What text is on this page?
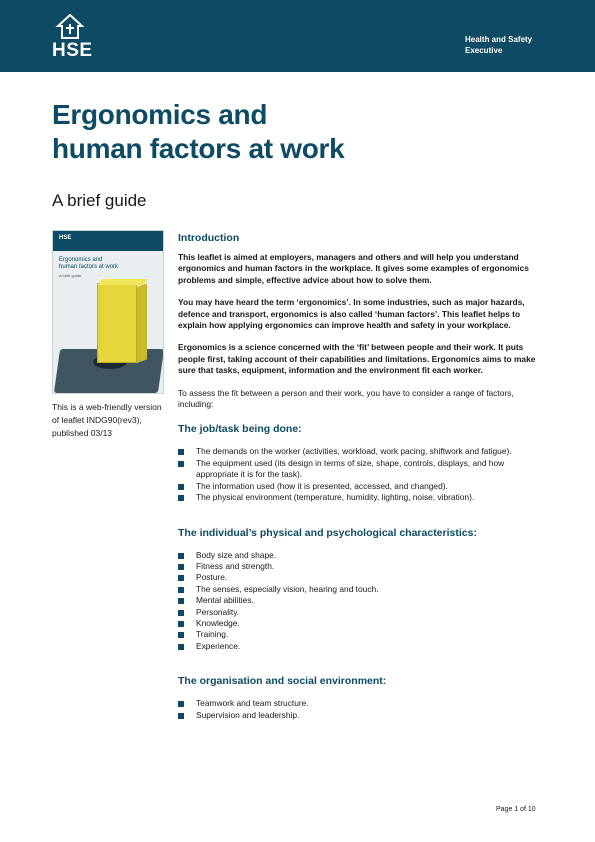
HSE
Health and Safety
Executive
Ergonomics and
human factors at work
A brief guide
HSE
Ergonomics and
human factors at work
A brief guide
This is a web-friendly version
of leaflet INDG90(rev3),
published 03/13
Introduction

This leaflet is aimed at employers, managers and others and will help you understand ergonomics and human factors in the workplace. It gives some examples of ergonomics problems and simple, effective advice about how to solve them.

You may have heard the term ‘ergonomics’. In some industries, such as major hazards, defence and transport, ergonomics is also called ‘human factors’. This leaflet helps to explain how applying ergonomics can improve health and safety in your workplace.

Ergonomics is a science concerned with the ‘fit’ between people and their work. It puts people first, taking account of their capabilities and limitations. Ergonomics aims to make sure that tasks, equipment, information and the environment fit each worker.

To assess the fit between a person and their work, you have to consider a range of factors, including:

The job/task being done:
The demands on the worker (activities, workload, work pacing, shiftwork and fatigue).
The equipment used (its design in terms of size, shape, controls, displays, and how appropriate it is for the task).
The information used (how it is presented, accessed, and changed).
The physical environment (temperature, humidity, lighting, noise, vibration).
The individual’s physical and psychological characteristics:
Body size and shape.
Fitness and strength.
Posture.
The senses, especially vision, hearing and touch.
Mental abilities.
Personality.
Knowledge.
Training.
Experience.
The organisation and social environment:
Teamwork and team structure.
Supervision and leadership.
Page 1 of 10
